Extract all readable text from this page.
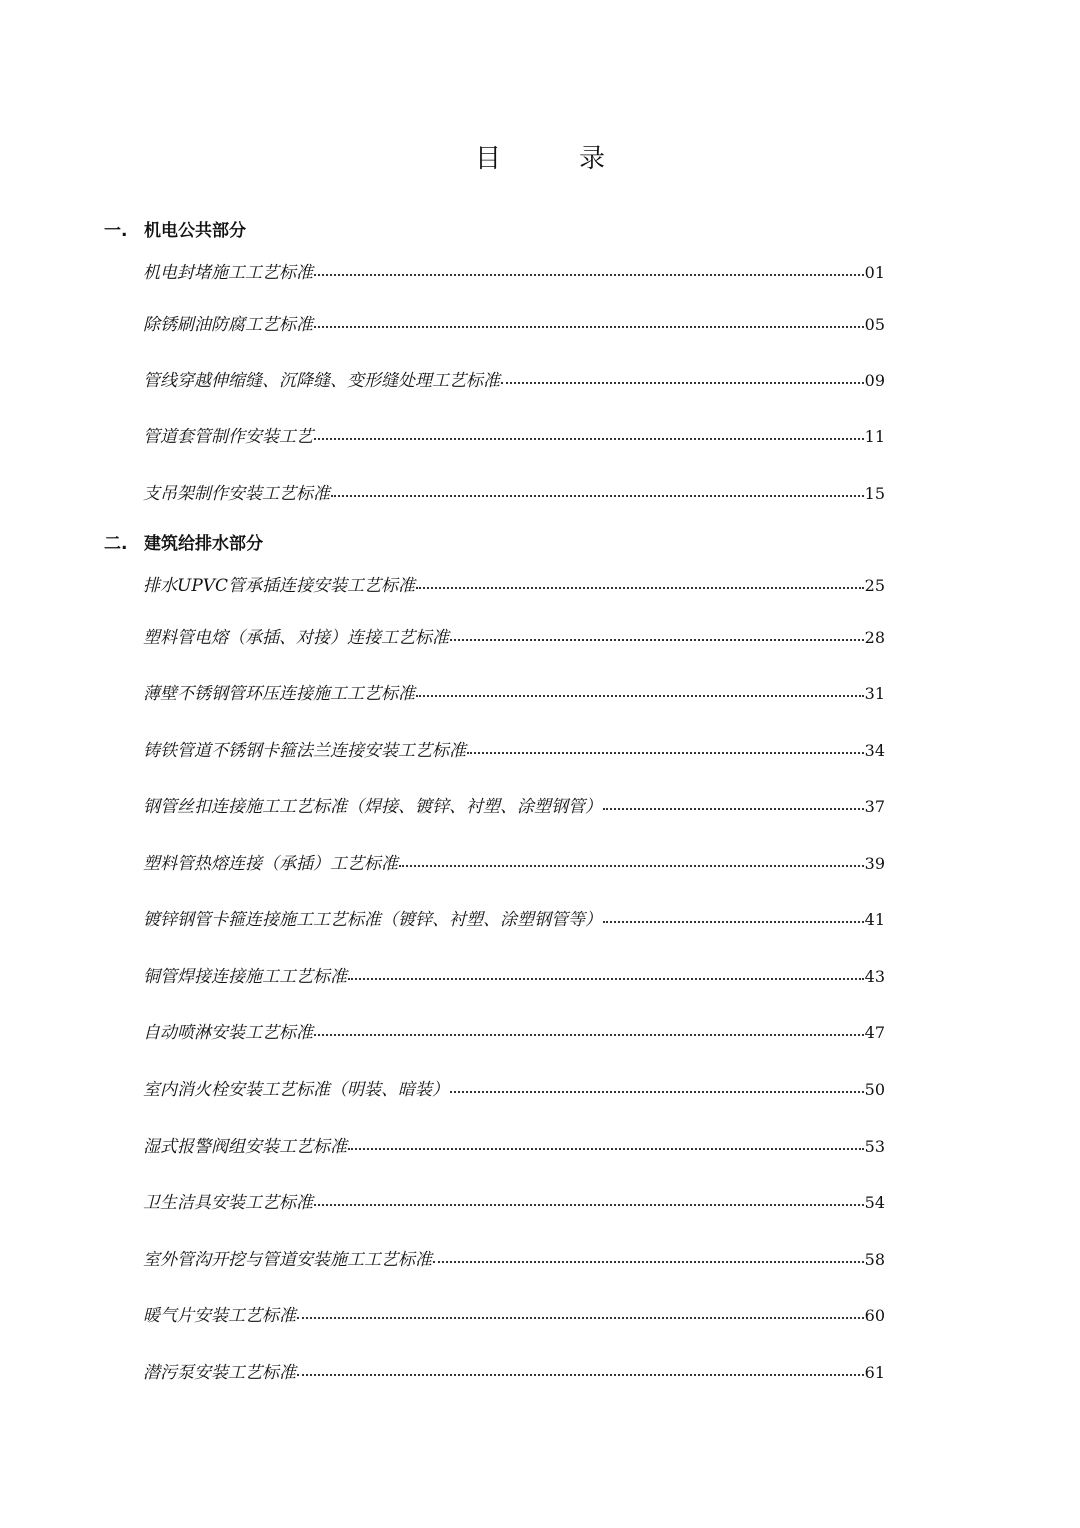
目　录
一. 机电公共部分
机电封堵施工工艺标准	01
除锈刷油防腐工艺标准	05
管线穿越伸缩缝、沉降缝、变形缝处理工艺标准	09
管道套管制作安装工艺	11
支吊架制作安装工艺标准	15
二. 建筑给排水部分
排水UPVC管承插连接安装工艺标准	25
塑料管电熔（承插、对接）连接工艺标准	28
薄壁不锈钢管环压连接施工工艺标准	31
铸铁管道不锈钢卡箍法兰连接安装工艺标准	34
钢管丝扣连接施工工艺标准（焊接、镀锌、衬塑、涂塑钢管）	37
塑料管热熔连接（承插）工艺标准	39
镀锌钢管卡箍连接施工工艺标准（镀锌、衬塑、涂塑钢管等）	41
铜管焊接连接施工工艺标准	43
自动喷淋安装工艺标准	47
室内消火栓安装工艺标准（明装、暗装）	50
湿式报警阀组安装工艺标准	53
卫生洁具安装工艺标准	54
室外管沟开挖与管道安装施工工艺标准	58
暖气片安装工艺标准	60
潜污泵安装工艺标准	61
